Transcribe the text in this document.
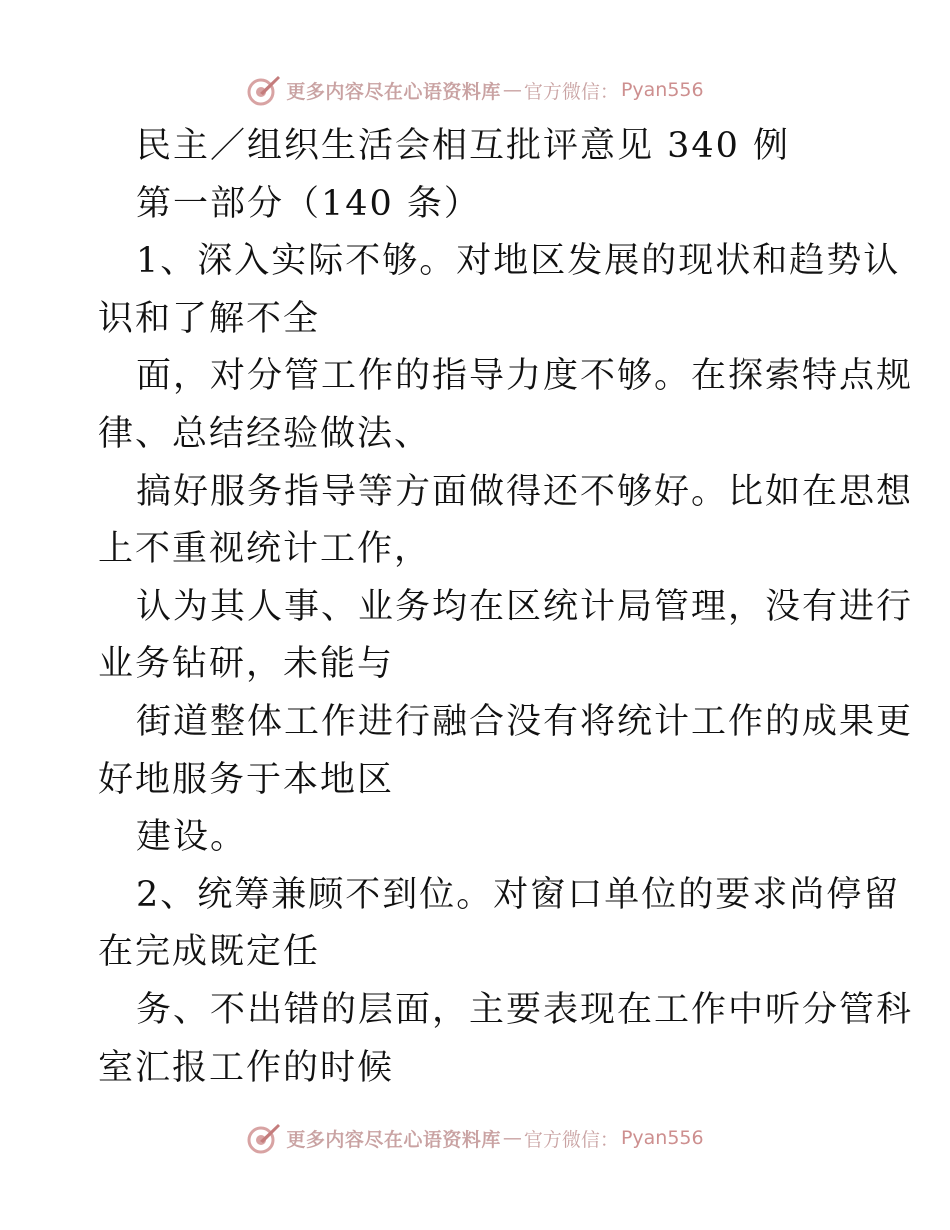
更多内容尽在心语资料库 — 官方微信： Pyan556
民主／组织生活会相互批评意见 340 例
第一部分（140 条）
1、深入实际不够。对地区发展的现状和趋势认
识和了解不全
面，对分管工作的指导力度不够。在探索特点规
律、总结经验做法、
搞好服务指导等方面做得还不够好。比如在思想
上不重视统计工作，
认为其人事、业务均在区统计局管理，没有进行
业务钻研，未能与
街道整体工作进行融合没有将统计工作的成果更
好地服务于本地区
建设。
2、统筹兼顾不到位。对窗口单位的要求尚停留
在完成既定任
务、不出错的层面，主要表现在工作中听分管科
室汇报工作的时候
更多内容尽在心语资料库 — 官方微信： Pyan556
